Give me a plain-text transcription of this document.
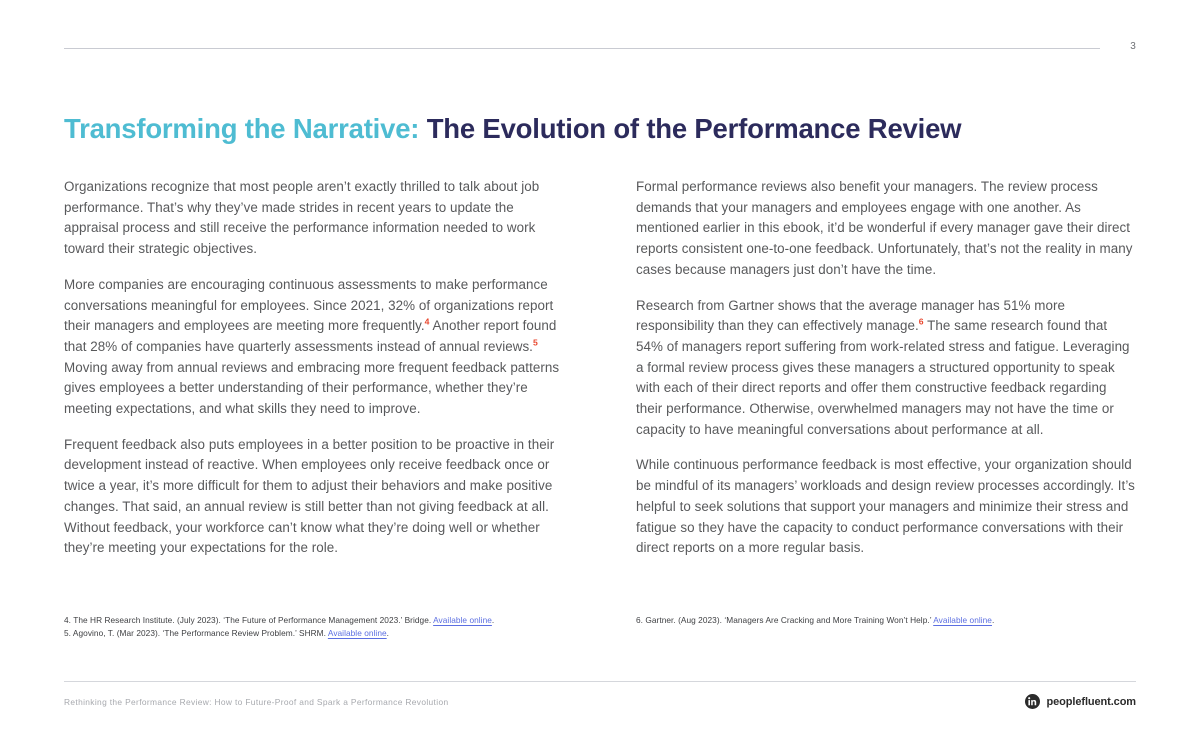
3
Transforming the Narrative: The Evolution of the Performance Review

Organizations recognize that most people aren’t exactly thrilled to talk about job performance. That’s why they’ve made strides in recent years to update the appraisal process and still receive the performance information needed to work toward their strategic objectives.

More companies are encouraging continuous assessments to make performance conversations meaningful for employees. Since 2021, 32% of organizations report their managers and employees are meeting more frequently.$^4$ Another report found that 28% of companies have quarterly assessments instead of annual reviews.$^5$ Moving away from annual reviews and embracing more frequent feedback patterns gives employees a better understanding of their performance, whether they’re meeting expectations, and what skills they need to improve.

Frequent feedback also puts employees in a better position to be proactive in their development instead of reactive. When employees only receive feedback once or twice a year, it’s more difficult for them to adjust their behaviors and make positive changes. That said, an annual review is still better than not giving feedback at all. Without feedback, your workforce can’t know what they’re doing well or whether they’re meeting your expectations for the role.

Formal performance reviews also benefit your managers. The review process demands that your managers and employees engage with one another. As mentioned earlier in this ebook, it’d be wonderful if every manager gave their direct reports consistent one-to-one feedback. Unfortunately, that’s not the reality in many cases because managers just don’t have the time.

Research from Gartner shows that the average manager has 51% more responsibility than they can effectively manage.$^6$ The same research found that 54% of managers report suffering from work-related stress and fatigue. Leveraging a formal review process gives these managers a structured opportunity to speak with each of their direct reports and offer them constructive feedback regarding their performance. Otherwise, overwhelmed managers may not have the time or capacity to have meaningful conversations about performance at all.

While continuous performance feedback is most effective, your organization should be mindful of its managers’ workloads and design review processes accordingly. It’s helpful to seek solutions that support your managers and minimize their stress and fatigue so they have the capacity to conduct performance conversations with their direct reports on a more regular basis.

4. The HR Research Institute. (July 2023). ‘The Future of Performance Management 2023.’ Bridge. Available online.
5. Agovino, T. (Mar 2023). ‘The Performance Review Problem.’ SHRM. Available online.
6. Gartner. (Aug 2023). ‘Managers Are Cracking and More Training Won’t Help.’ Available online.
Rethinking the Performance Review: How to Future-Proof and Spark a Performance Revolution	peoplefluent.com
